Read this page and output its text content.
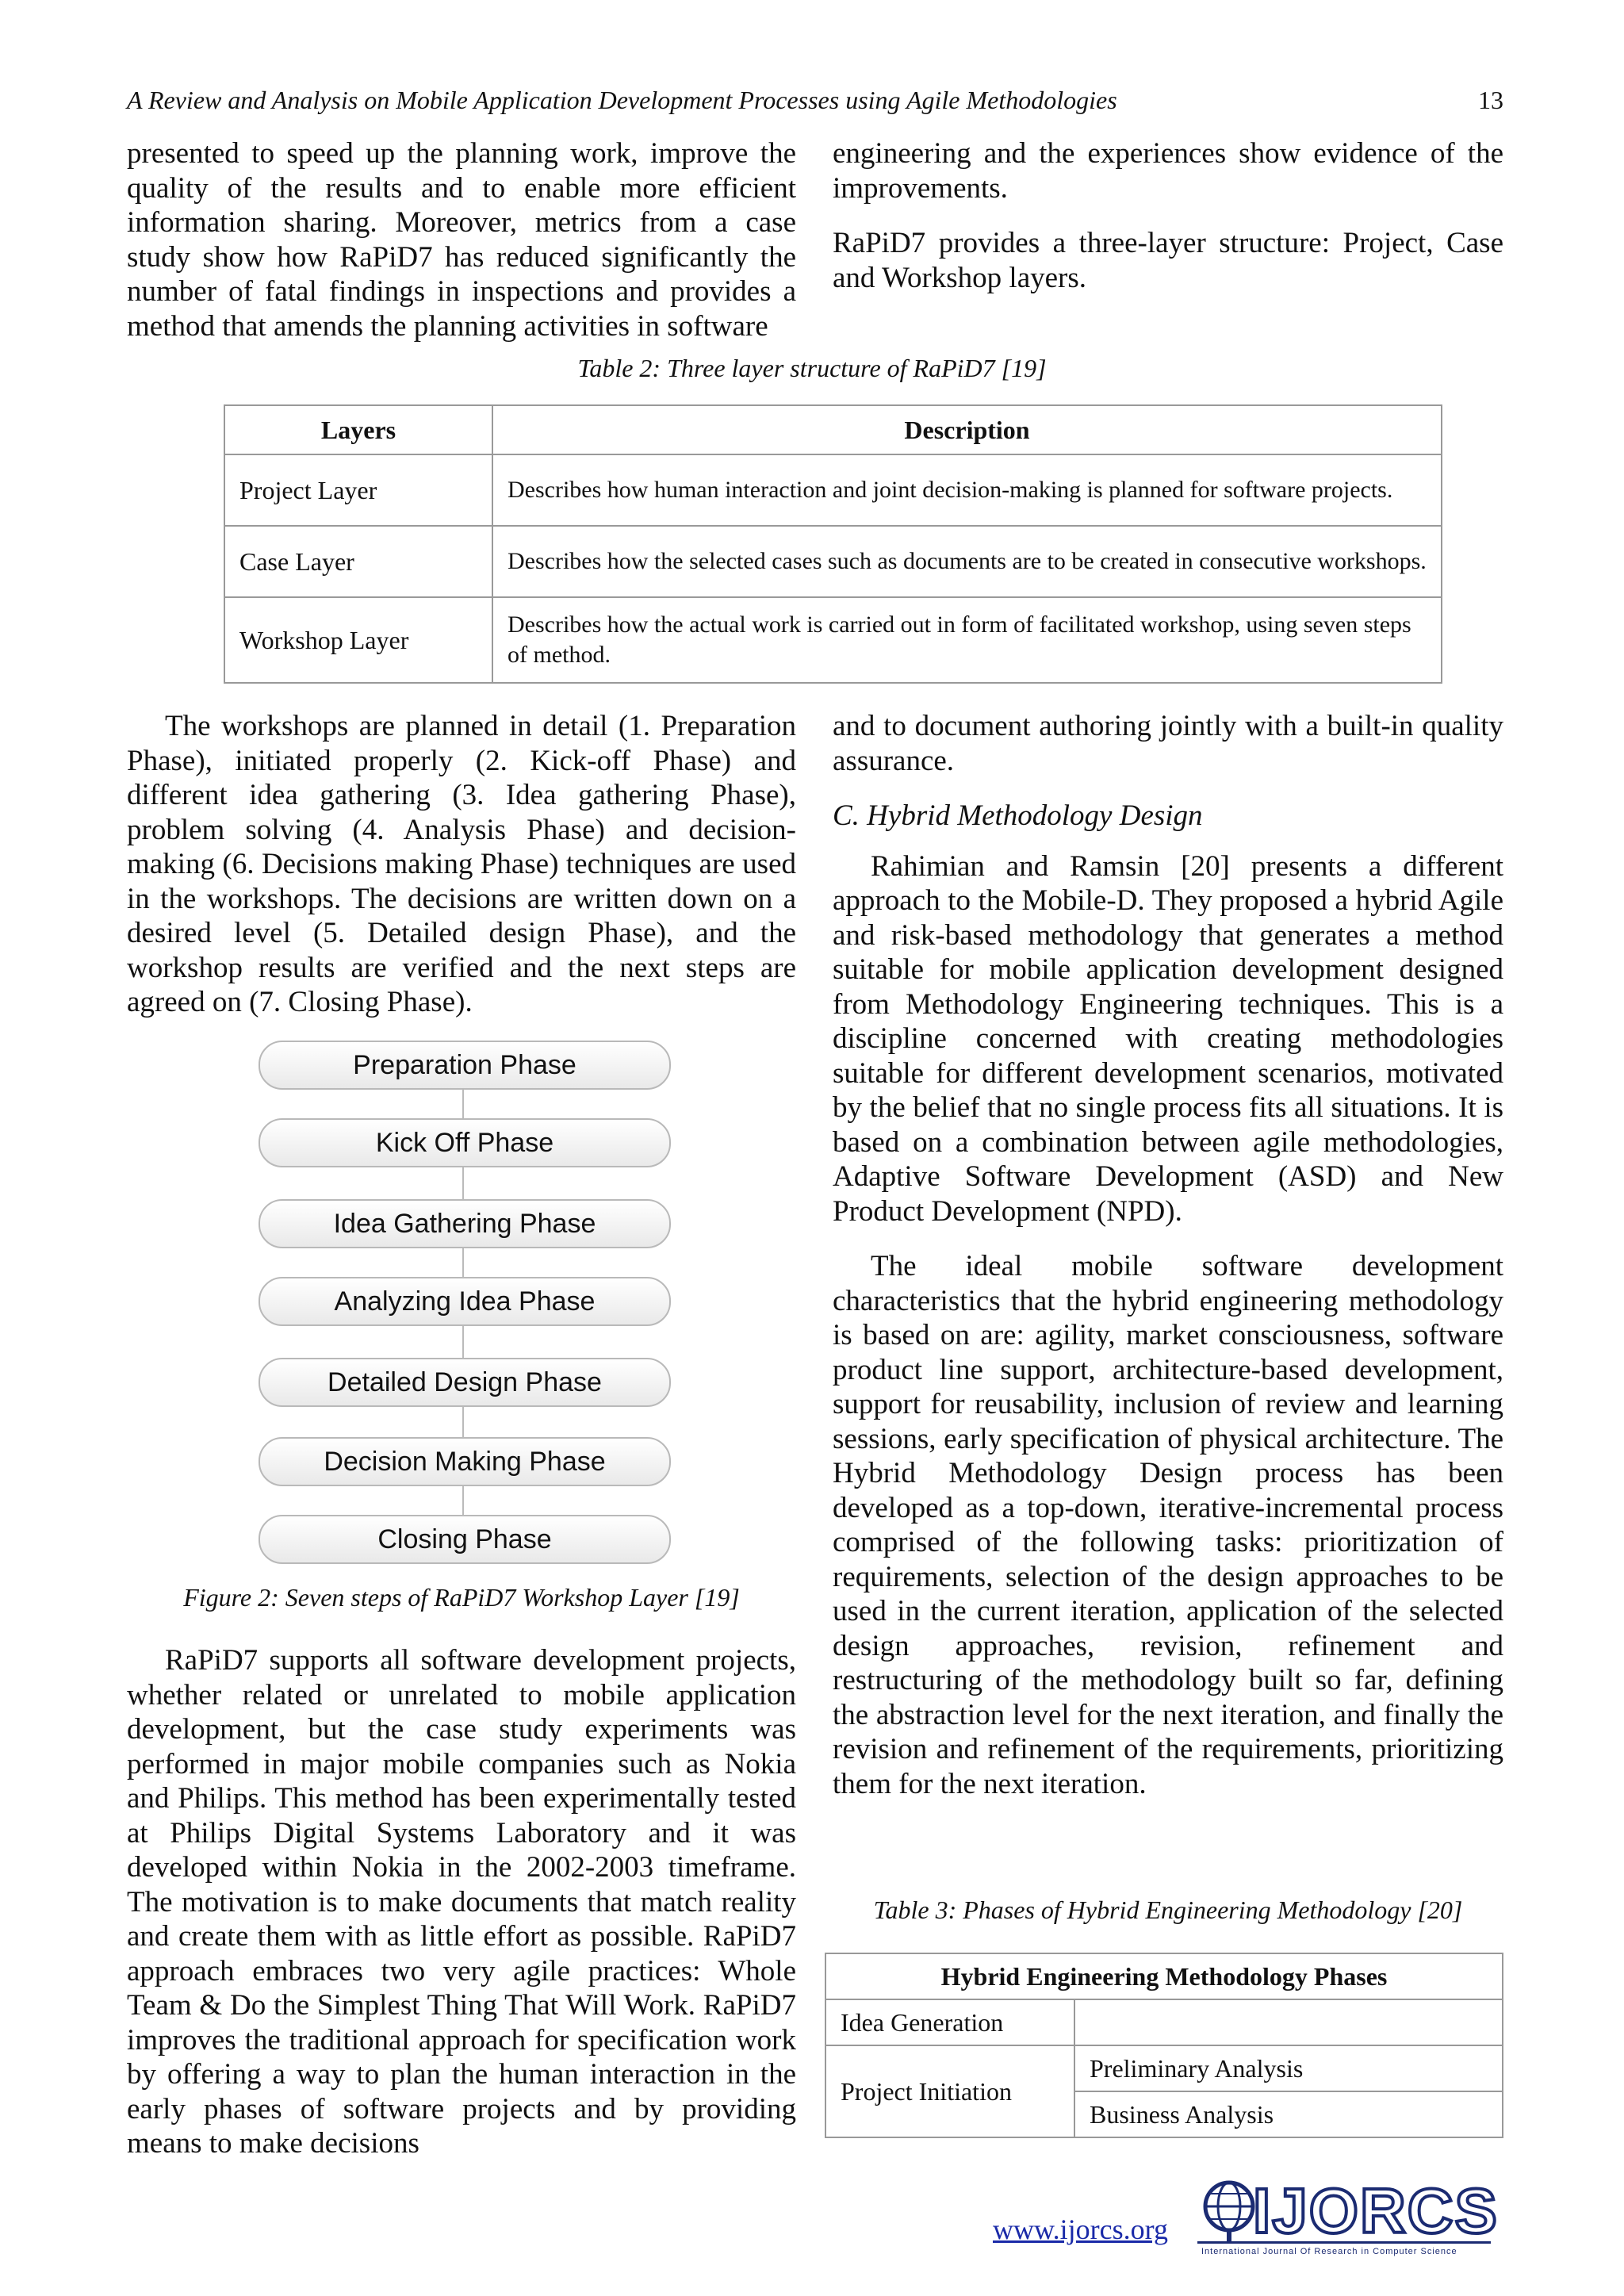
A Review and Analysis on Mobile Application Development Processes using Agile Methodologies	13

presented to speed up the planning work, improve the quality of the results and to enable more efficient information sharing. Moreover, metrics from a case study show how RaPiD7 has reduced significantly the number of fatal findings in inspections and provides a method that amends the planning activities in software

engineering and the experiences show evidence of the improvements.

RaPiD7 provides a three-layer structure: Project, Case and Workshop layers.

Table 2: Three layer structure of RaPiD7 [19]
Layers	Description
Project Layer	Describes how human interaction and joint decision-making is planned for software projects.
Case Layer	Describes how the selected cases such as documents are to be created in consecutive workshops.
Workshop Layer	Describes how the actual work is carried out in form of facilitated workshop, using seven steps of method.

The workshops are planned in detail (1. Preparation Phase), initiated properly (2. Kick-off Phase) and different idea gathering (3. Idea gathering Phase), problem solving (4. Analysis Phase) and decision-making (6. Decisions making Phase) techniques are used in the workshops. The decisions are written down on a desired level (5. Detailed design Phase), and the workshop results are verified and the next steps are agreed on (7. Closing Phase).

Preparation Phase
Kick Off Phase
Idea Gathering Phase
Analyzing Idea Phase
Detailed Design Phase
Decision Making Phase
Closing Phase
Figure 2: Seven steps of RaPiD7 Workshop Layer [19]

RaPiD7 supports all software development projects, whether related or unrelated to mobile application development, but the case study experiments was performed in major mobile companies such as Nokia and Philips. This method has been experimentally tested at Philips Digital Systems Laboratory and it was developed within Nokia in the 2002-2003 timeframe. The motivation is to make documents that match reality and create them with as little effort as possible. RaPiD7 approach embraces two very agile practices: Whole Team & Do the Simplest Thing That Will Work. RaPiD7 improves the traditional approach for specification work by offering a way to plan the human interaction in the early phases of software projects and by providing means to make decisions

and to document authoring jointly with a built-in quality assurance.

C. Hybrid Methodology Design

Rahimian and Ramsin [20] presents a different approach to the Mobile-D. They proposed a hybrid Agile and risk-based methodology that generates a method suitable for mobile application development designed from Methodology Engineering techniques. This is a discipline concerned with creating methodologies suitable for different development scenarios, motivated by the belief that no single process fits all situations. It is based on a combination between agile methodologies, Adaptive Software Development (ASD) and New Product Development (NPD).

The ideal mobile software development characteristics that the hybrid engineering methodology is based on are: agility, market consciousness, software product line support, architecture-based development, support for reusability, inclusion of review and learning sessions, early specification of physical architecture. The Hybrid Methodology Design process has been developed as a top-down, iterative-incremental process comprised of the following tasks: prioritization of requirements, selection of the design approaches to be used in the current iteration, application of the selected design approaches, revision, refinement and restructuring of the methodology built so far, defining the abstraction level for the next iteration, and finally the revision and refinement of the requirements, prioritizing them for the next iteration.

Table 3: Phases of Hybrid Engineering Methodology [20]
Hybrid Engineering Methodology Phases	
Idea Generation	
Project Initiation	Preliminary Analysis
	Business Analysis
www.ijorcs.org IJORCS
International Journal Of Research in Computer Science
